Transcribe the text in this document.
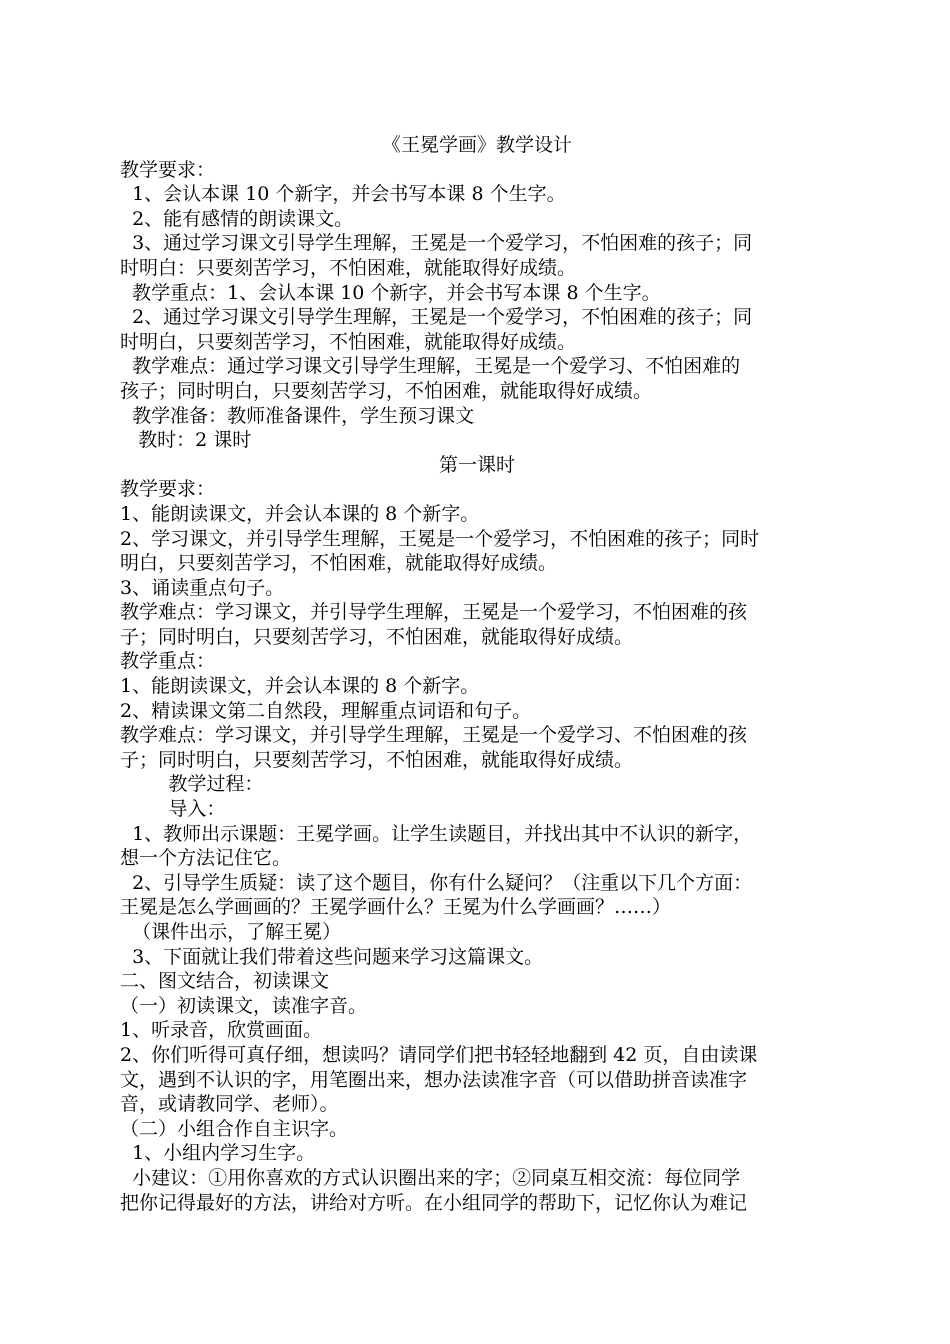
《王冕学画》教学设计
教学要求：
1、会认本课 10 个新字，并会书写本课 8 个生字。
2、能有感情的朗读课文。
3、通过学习课文引导学生理解，王冕是一个爱学习，不怕困难的孩子；同
时明白：只要刻苦学习，不怕困难，就能取得好成绩。
教学重点：1、会认本课 10 个新字，并会书写本课 8 个生字。
2、通过学习课文引导学生理解，王冕是一个爱学习，不怕困难的孩子；同
时明白，只要刻苦学习，不怕困难，就能取得好成绩。
教学难点：通过学习课文引导学生理解，王冕是一个爱学习、不怕困难的
孩子；同时明白，只要刻苦学习，不怕困难，就能取得好成绩。
教学准备：教师准备课件，学生预习课文
教时：2 课时
第一课时
教学要求：
1、能朗读课文，并会认本课的 8 个新字。
2、学习课文，并引导学生理解，王冕是一个爱学习，不怕困难的孩子；同时
明白，只要刻苦学习，不怕困难，就能取得好成绩。
3、诵读重点句子。
教学难点：学习课文，并引导学生理解，王冕是一个爱学习，不怕困难的孩
子；同时明白，只要刻苦学习，不怕困难，就能取得好成绩。
教学重点：
1、能朗读课文，并会认本课的 8 个新字。
2、精读课文第二自然段，理解重点词语和句子。
教学难点：学习课文，并引导学生理解，王冕是一个爱学习、不怕困难的孩
子；同时明白，只要刻苦学习，不怕困难，就能取得好成绩。
教学过程：
导入：
1、教师出示课题：王冕学画。让学生读题目，并找出其中不认识的新字，
想一个方法记住它。
2、引导学生质疑：读了这个题目，你有什么疑问？（注重以下几个方面：
王冕是怎么学画画的？王冕学画什么？王冕为什么学画画？……）
（课件出示，了解王冕）
3、下面就让我们带着这些问题来学习这篇课文。
二、图文结合，初读课文
（一）初读课文，读准字音。
1、听录音，欣赏画面。
2、你们听得可真仔细，想读吗？请同学们把书轻轻地翻到 42 页，自由读课
文，遇到不认识的字，用笔圈出来，想办法读准字音（可以借助拼音读准字
音，或请教同学、老师）。
（二）小组合作自主识字。
1、小组内学习生字。
小建议：①用你喜欢的方式认识圈出来的字；②同桌互相交流：每位同学
把你记得最好的方法，讲给对方听。在小组同学的帮助下，记忆你认为难记
